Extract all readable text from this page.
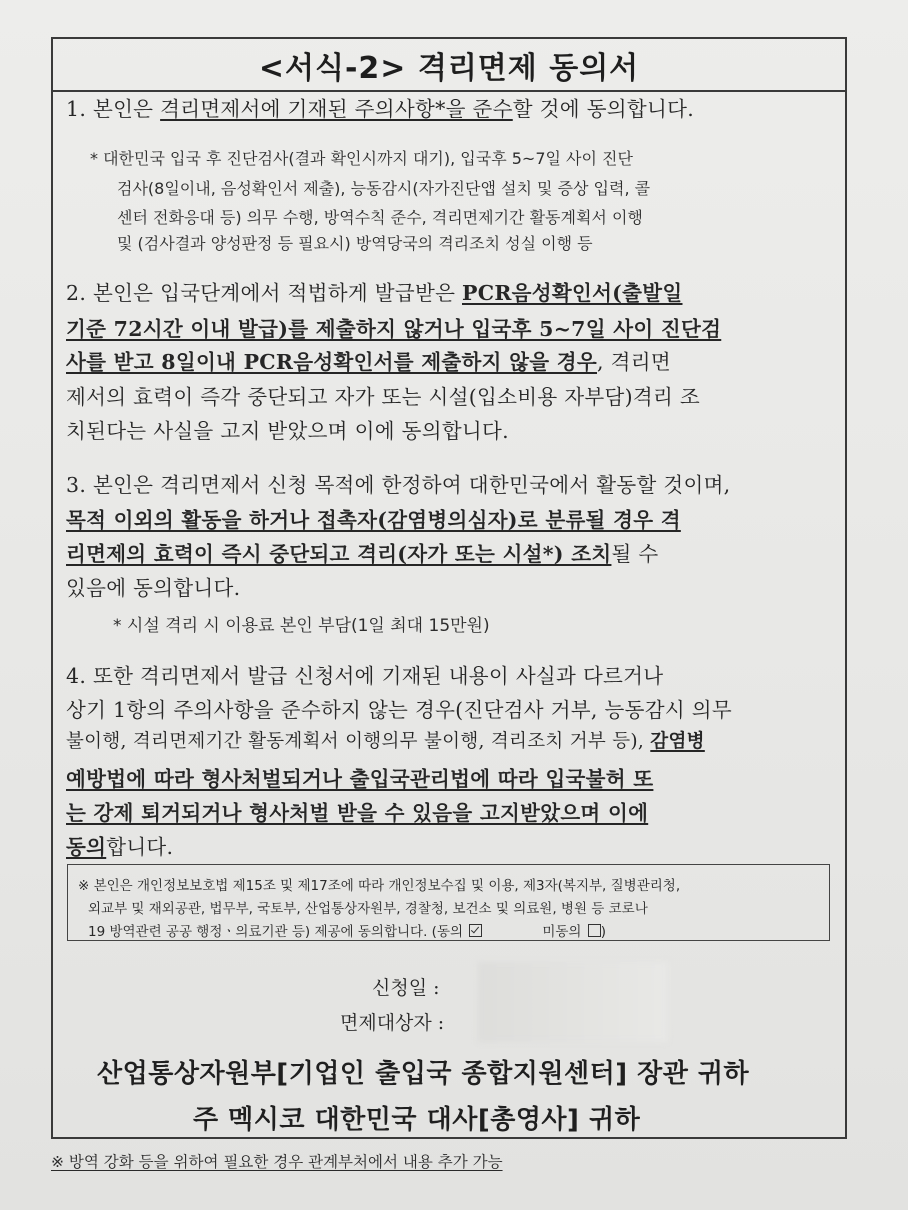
<서식-2> 격리면제 동의서
1. 본인은 격리면제서에 기재된 주의사항*을 준수할 것에 동의합니다.
* 대한민국 입국 후 진단검사(결과 확인시까지 대기), 입국후 5~7일 사이 진단
검사(8일이내, 음성확인서 제출), 능동감시(자가진단앱 설치 및 증상 입력, 콜
센터 전화응대 등) 의무 수행, 방역수칙 준수, 격리면제기간 활동계획서 이행
및 (검사결과 양성판정 등 필요시) 방역당국의 격리조치 성실 이행 등
2. 본인은 입국단계에서 적법하게 발급받은 PCR음성확인서(출발일
기준 72시간 이내 발급)를 제출하지 않거나 입국후 5~7일 사이 진단검
사를 받고 8일이내 PCR음성확인서를 제출하지 않을 경우, 격리면
제서의 효력이 즉각 중단되고 자가 또는 시설(입소비용 자부담)격리 조
치된다는 사실을 고지 받았으며 이에 동의합니다.
3. 본인은 격리면제서 신청 목적에 한정하여 대한민국에서 활동할 것이며,
목적 이외의 활동을 하거나 접촉자(감염병의심자)로 분류될 경우 격
리면제의 효력이 즉시 중단되고 격리(자가 또는 시설*) 조치될 수
있음에 동의합니다.
* 시설 격리 시 이용료 본인 부담(1일 최대 15만원)
4. 또한 격리면제서 발급 신청서에 기재된 내용이 사실과 다르거나
상기 1항의 주의사항을 준수하지 않는 경우(진단검사 거부, 능동감시 의무
불이행, 격리면제기간 활동계획서 이행의무 불이행, 격리조치 거부 등), 감염병
예방법에 따라 형사처벌되거나 출입국관리법에 따라 입국불허 또
는 강제 퇴거되거나 형사처벌 받을 수 있음을 고지받았으며 이에
동의합니다.
※ 본인은 개인정보보호법 제15조 및 제17조에 따라 개인정보수집 및 이용, 제3자(복지부, 질병관리청,
외교부 및 재외공관, 법무부, 국토부, 산업통상자원부, 경찰청, 보건소 및 의료원, 병원 등 코로나
19 방역관련 공공 행정ㆍ의료기관 등) 제공에 동의합니다. (동의	미동의 )
신청일 :
면제대상자 :
산업통상자원부[기업인 출입국 종합지원센터] 장관 귀하
주 멕시코 대한민국 대사[총영사] 귀하
※ 방역 강화 등을 위하여 필요한 경우 관계부처에서 내용 추가 가능
